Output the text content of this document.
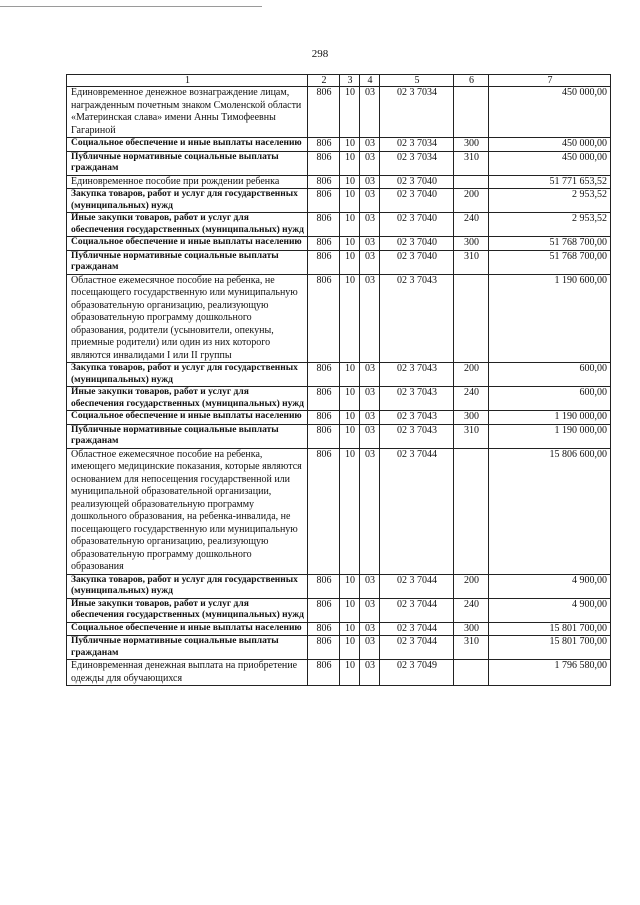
298
1	2	3	4	5	6	7
Единовременное денежное вознаграждение лицам, награжденным почетным знаком Смоленской области «Материнская слава» имени Анны Тимофеевны Гагариной	806	10	03	02 3 7034		450 000,00
Социальное обеспечение и иные выплаты населению	806	10	03	02 3 7034	300	450 000,00
Публичные нормативные социальные выплаты гражданам	806	10	03	02 3 7034	310	450 000,00
Единовременное пособие при рождении ребенка	806	10	03	02 3 7040		51 771 653,52
Закупка товаров, работ и услуг для государственных (муниципальных) нужд	806	10	03	02 3 7040	200	2 953,52
Иные закупки товаров, работ и услуг для обеспечения государственных (муниципальных) нужд	806	10	03	02 3 7040	240	2 953,52
Социальное обеспечение и иные выплаты населению	806	10	03	02 3 7040	300	51 768 700,00
Публичные нормативные социальные выплаты гражданам	806	10	03	02 3 7040	310	51 768 700,00
Областное ежемесячное пособие на ребенка, не посещающего государственную или муниципальную образовательную организацию, реализующую образовательную программу дошкольного образования, родители (усыновители, опекуны, приемные родители) или один из них которого являются инвалидами I или II группы	806	10	03	02 3 7043		1 190 600,00
Закупка товаров, работ и услуг для государственных (муниципальных) нужд	806	10	03	02 3 7043	200	600,00
Иные закупки товаров, работ и услуг для обеспечения государственных (муниципальных) нужд	806	10	03	02 3 7043	240	600,00
Социальное обеспечение и иные выплаты населению	806	10	03	02 3 7043	300	1 190 000,00
Публичные нормативные социальные выплаты гражданам	806	10	03	02 3 7043	310	1 190 000,00
Областное ежемесячное пособие на ребенка, имеющего медицинские показания, которые являются основанием для непосещения государственной или муниципальной образовательной организации, реализующей образовательную программу дошкольного образования, на ребенка-инвалида, не посещающего государственную или муниципальную образовательную организацию, реализующую образовательную программу дошкольного образования	806	10	03	02 3 7044		15 806 600,00
Закупка товаров, работ и услуг для государственных (муниципальных) нужд	806	10	03	02 3 7044	200	4 900,00
Иные закупки товаров, работ и услуг для обеспечения государственных (муниципальных) нужд	806	10	03	02 3 7044	240	4 900,00
Социальное обеспечение и иные выплаты населению	806	10	03	02 3 7044	300	15 801 700,00
Публичные нормативные социальные выплаты гражданам	806	10	03	02 3 7044	310	15 801 700,00
Единовременная денежная выплата на приобретение одежды для обучающихся	806	10	03	02 3 7049		1 796 580,00
